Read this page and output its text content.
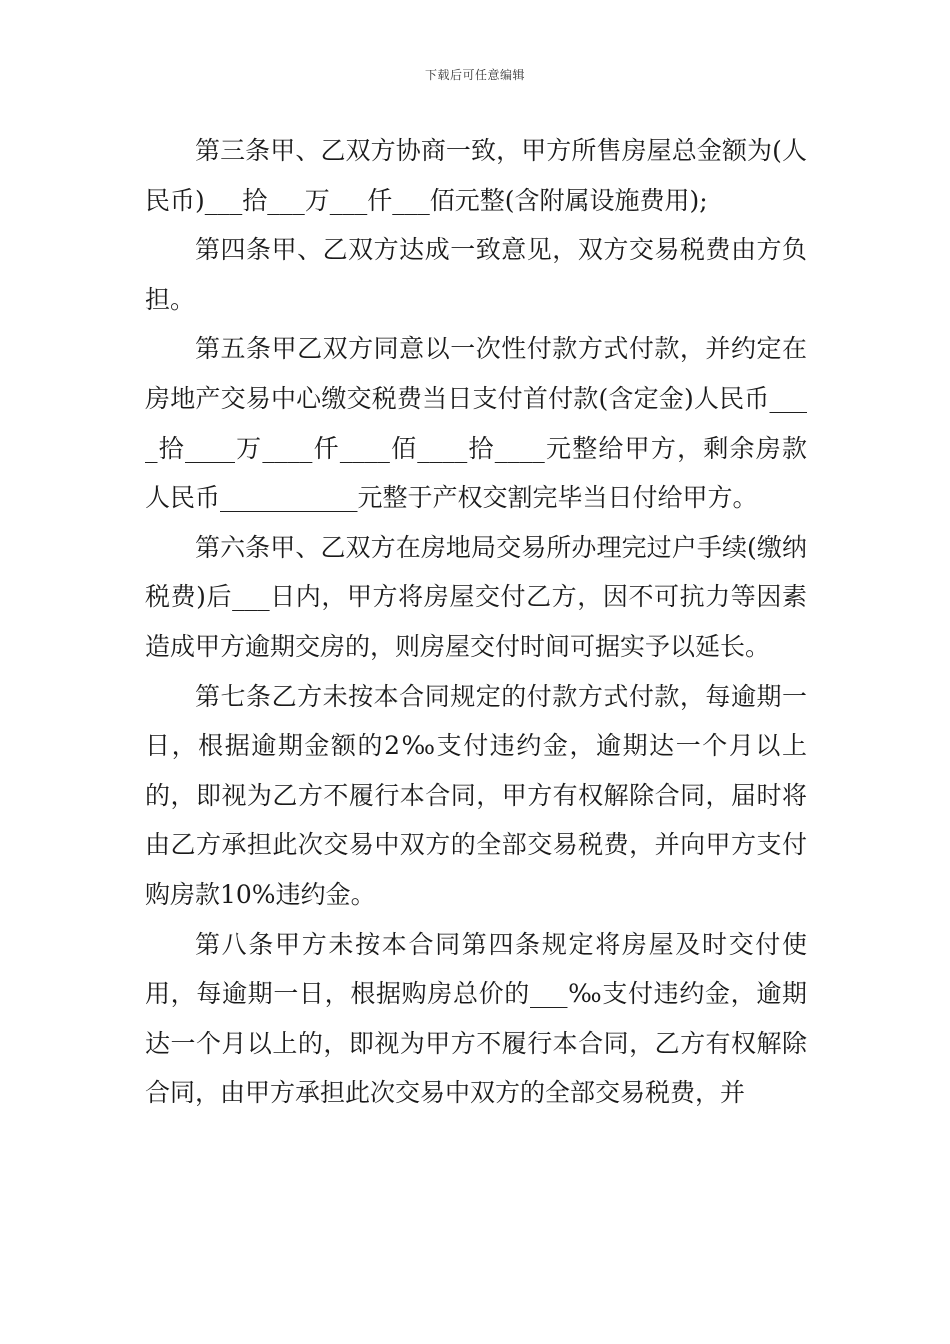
下载后可任意编辑

第三条甲、乙双方协商一致，甲方所售房屋总金额为(人民币)___拾___万___仟___佰元整(含附属设施费用);

第四条甲、乙双方达成一致意见，双方交易税费由方负担。

第五条甲乙双方同意以一次性付款方式付款，并约定在房地产交易中心缴交税费当日支付首付款(含定金)人民币____拾____万____仟____佰____拾____元整给甲方，剩余房款人民币___________元整于产权交割完毕当日付给甲方。

第六条甲、乙双方在房地局交易所办理完过户手续(缴纳税费)后___日内，甲方将房屋交付乙方，因不可抗力等因素造成甲方逾期交房的，则房屋交付时间可据实予以延长。

第七条乙方未按本合同规定的付款方式付款，每逾期一日，根据逾期金额的2‰支付违约金，逾期达一个月以上的，即视为乙方不履行本合同，甲方有权解除合同，届时将由乙方承担此次交易中双方的全部交易税费，并向甲方支付购房款10%违约金。

第八条甲方未按本合同第四条规定将房屋及时交付使用，每逾期一日，根据购房总价的___‰支付违约金，逾期达一个月以上的，即视为甲方不履行本合同，乙方有权解除合同，由甲方承担此次交易中双方的全部交易税费，并
